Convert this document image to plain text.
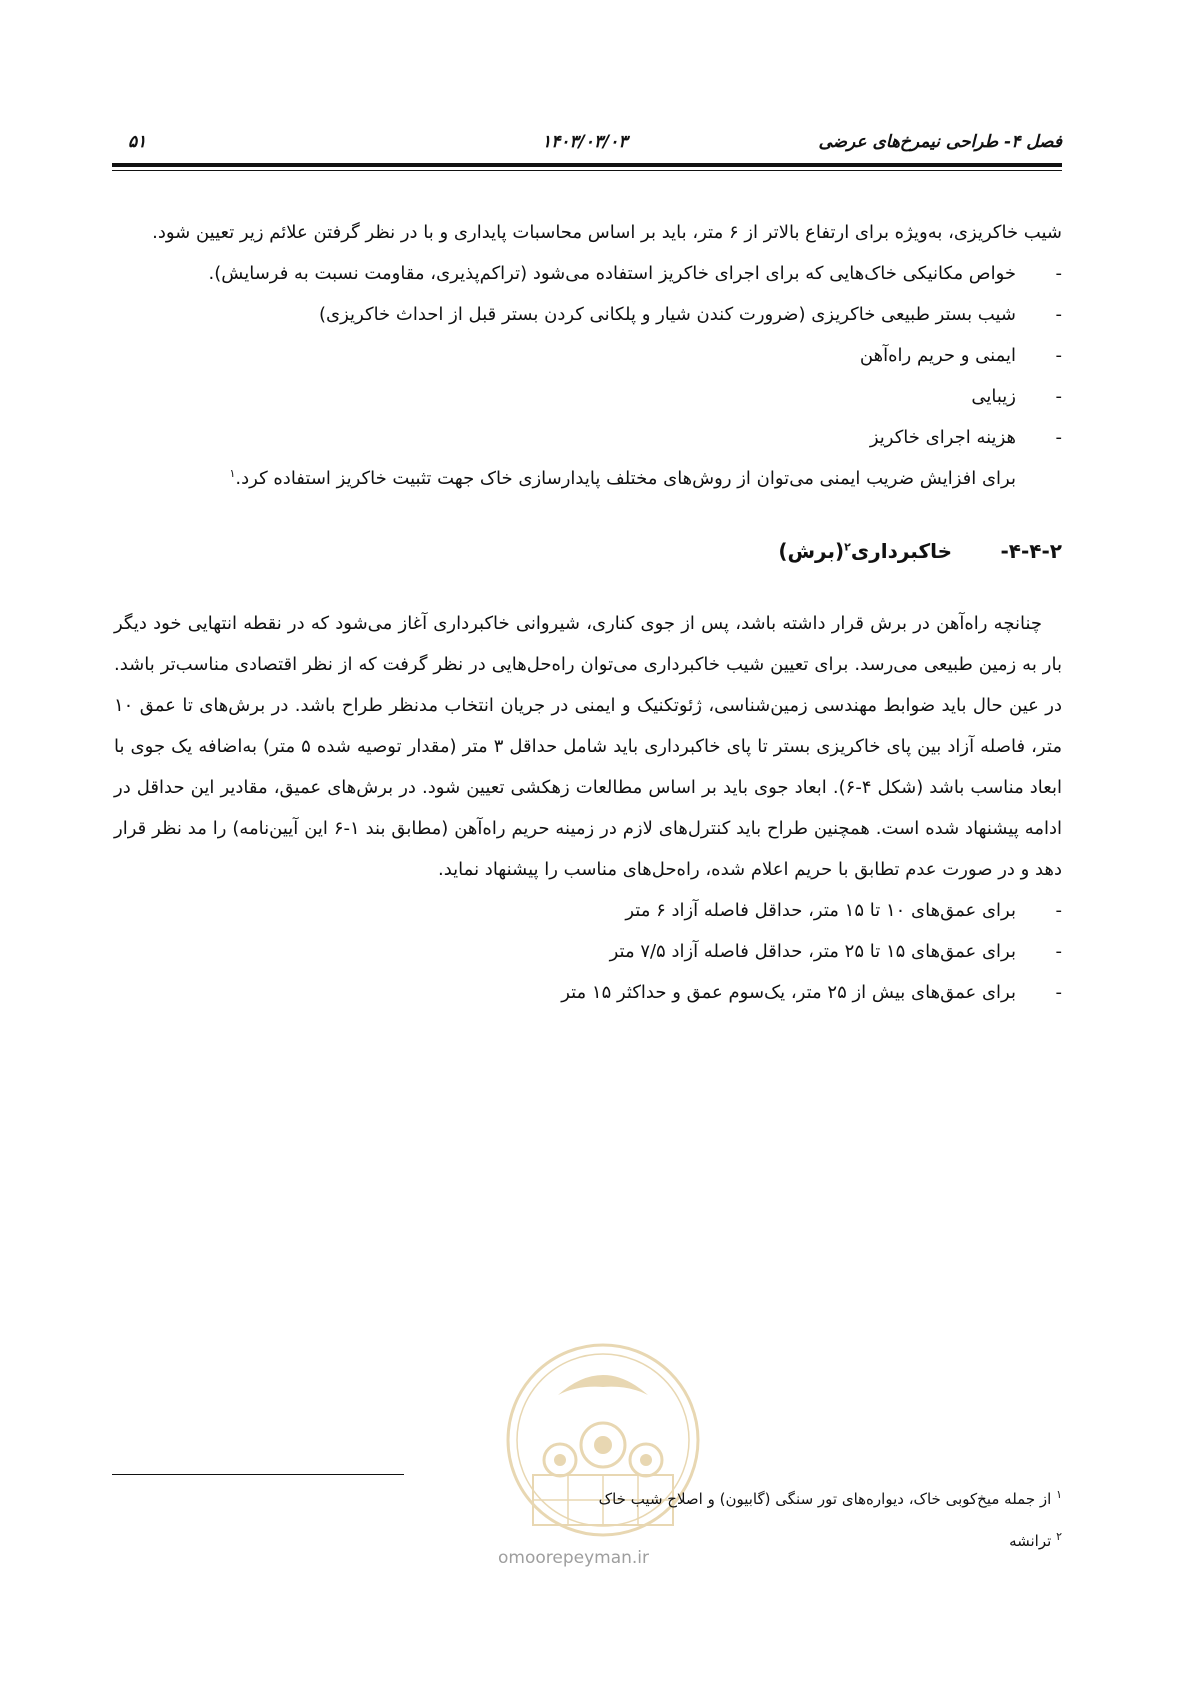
فصل ۴- طراحی نیمرخ‌های عرضی
۱۴۰۳/۰۳/۰۳
۵۱

شیب خاکریزی، به‌ویژه برای ارتفاع بالاتر از ۶ متر، باید بر اساس محاسبات پایداری و با در نظر گرفتن علائم زیر تعیین شود.

-
خواص مکانیکی خاک‌هایی که برای اجرای خاکریز استفاده می‌شود (تراکم‌پذیری، مقاومت نسبت به فرسایش).
-
شیب بستر طبیعی خاکریزی (ضرورت کندن شیار و پلکانی کردن بستر قبل از احداث خاکریزی)
-
ایمنی و حریم راه‌آهن
-
زیبایی
-
هزینه اجرای خاکریز

برای افزایش ضریب ایمنی می‌توان از روش‌های مختلف پایدارسازی خاک جهت تثبیت خاکریز استفاده کرد.$^۱$

۴-۴-۲-
خاکبرداری$^۲$(برش)

چنانچه راه‌آهن در برش قرار داشته باشد، پس از جوی کناری، شیروانی خاکبرداری آغاز می‌شود که در نقطه انتهایی خود دیگر بار به زمین طبیعی می‌رسد. برای تعیین شیب خاکبرداری می‌توان راه‌حل‌هایی در نظر گرفت که از نظر اقتصادی مناسب‌تر باشد. در عین حال باید ضوابط مهندسی زمین‌شناسی، ژئوتکنیک و ایمنی در جریان انتخاب مدنظر طراح باشد. در برش‌های تا عمق ۱۰ متر، فاصله آزاد بین پای خاکریزی بستر تا پای خاکبرداری باید شامل حداقل ۳ متر (مقدار توصیه شده ۵ متر) به‌اضافه یک جوی با ابعاد مناسب باشد (شکل ۴-۶). ابعاد جوی باید بر اساس مطالعات زهکشی تعیین شود. در برش‌های عمیق، مقادیر این حداقل در ادامه پیشنهاد شده است. همچنین طراح باید کنترل‌های لازم در زمینه حریم راه‌آهن (مطابق بند ۱-۶ این آیین‌نامه) را مد نظر قرار دهد و در صورت عدم تطابق با حریم اعلام شده، راه‌حل‌های مناسب را پیشنهاد نماید.

-
برای عمق‌های ۱۰ تا ۱۵ متر، حداقل فاصله آزاد ۶ متر
-
برای عمق‌های ۱۵ تا ۲۵ متر، حداقل فاصله آزاد ۷/۵ متر
-
برای عمق‌های بیش از ۲۵ متر، یک‌سوم عمق و حداکثر ۱۵ متر
omoorepeyman.ir
$^۱$ از جمله میخ‌کوبی خاک، دیواره‌های تور سنگی (گابیون) و اصلاح شیب خاک
$^۲$ ترانشه
